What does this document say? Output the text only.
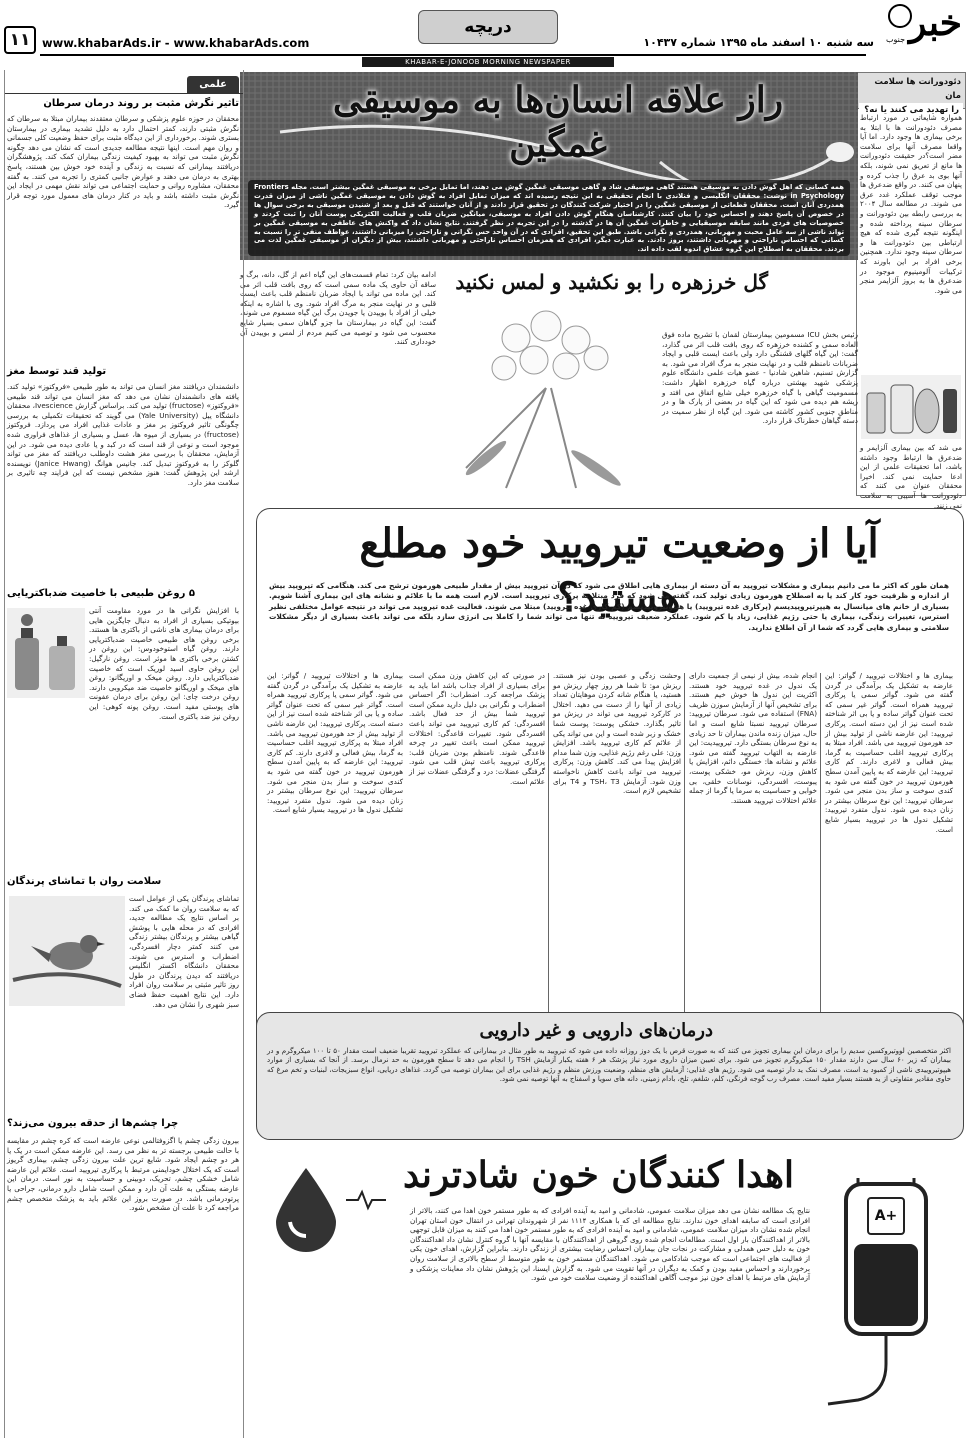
خبر
جنوب
سه شنبه ۱۰ اسفند ماه ۱۳۹۵ شماره ۱۰۴۳۷
دریچه
www.khabarAds.ir - www.khabarAds.com
۱۱
KHABAR-E-JONOOB MORNING NEWSPAPER
دئودورانت ها سلامت مان
را تهدید می کنند یا نه؟
همواره شایعاتی در مورد ارتباط مصرف دئودورانت ها با ابتلا به برخی بیماری ها وجود دارد. اما آیا واقعا مصرف آنها برای سلامت مضر است؟در حقیقت دئودورانت ها مانع از تعریق نمی شوند، بلکه آنها بوی بد عرق را جذب کرده و پنهان می کنند. در واقع ضدعرق ها موجب توقف عملکرد غدد عرق می شوند. در مطالعه سال ۲۰۰۴ به بررسی رابطه بین دئودورانت و سرطان سینه پرداخته شده و اینگونه نتیجه گیری شده که هیچ ارتباطی بین دئودورانت ها و سرطان سینه وجود ندارد. همچنین برخی افراد بر این باورند که ترکیبات آلومینیوم موجود در ضدعرق ها به بروز آلزایمر منجر می شود.
می شد که بین بیماری آلزایمر و ضدعرق ها ارتباط وجود داشته باشد، اما تحقیقات علمی از این ادعا حمایت نمی کند. اخیرا محققان عنوان می کنند که دئودورانت ها آسیبی به سلامت نمی زنند.
راز علاقه انسان‌ها به موسیقی غمگین
همه کسانی که اهل گوش دادن به موسیقی هستند گاهی موسیقی شاد و گاهی موسیقی غمگین گوش می دهند، اما تمایل برخی به موسیقی غمگین بیشتر است. مجله Frontiers in Psychology نوشت: محققان انگلیسی و فنلاندی با انجام تحقیقی به این نتیجه رسیده اند که میزان تمایل افراد به گوش دادن به موسیقی غمگین ناشی از میزان قدرت همدردی آنان است. محققان قطعاتی از موسیقی غمگین را در اختیار شرکت کنندگان در تحقیق قرار دادند و از آنان خواستند که قبل و بعد از شنیدن موسیقی به برخی سوال ها در خصوص آن پاسخ دهند و احساس خود را بیان کنند. کارشناسان هنگام گوش دادن افراد به موسیقی، میانگین ضربان قلب و فعالیت الکتریکی پوست آنان را ثبت کردند و خصوصیات های فردی مانند سابقه موسیقیایی و خاطرات غمگین آن ها در گذشته را در این تجربه در نظر گرفتند. نتایج نشان داد که واکنش های عاطفی به موسیقی غمگین بر تواند ناشی از سه عامل محبت و مهربانی، همدردی و نگرانی باشد. طبق این تحقیق، افرادی که در آن واحد حس نگرانی و ناراحتی را میزبانی داشتند، عواطف منفی تر را نسبت به کسانی که احساس ناراحتی و مهربانی داشتند، بروز دادند. به عبارت دیگر، افرادی که همزمان احساس ناراحتی و مهربانی داشتند، بیش از دیگران از موسیقی غمگین لذت می بردند. محققان به اصطلاح این گروه عشاق اندوه لقب داده اند.
گل خرزهره را بو نکشید و لمس نکنید
رئیس بخش ICU مسمومین بیمارستان لقمان با تشریح ماده فوق العاده سمی و کشنده خرزهره که روی بافت قلب اثر می گذارد، گفت: این گیاه گلهای قشنگی دارد ولی باعث ایست قلبی و ایجاد ضربانات نامنظم قلب و در نهایت منجر به مرگ افراد می شود. به گزارش تسنیم، شاهین شادنیا - عضو هیات علمی دانشگاه علوم پزشکی شهید بهشتی درباره گیاه خرزهره اظهار داشت: مسمومیت گیاهی با گیاه خرزهره خیلی شایع اتفاق می افتد و ریشه هم دیده می شود که این گیاه در بعضی از پارک ها و در مناطق جنوبی کشور کاشته می شود. این گیاه از نظر سمیت در دسته گیاهان خطرناک قرار دارد.
ادامه بیان کرد: تمام قسمت‌های این گیاه اعم از گل، دانه، برگ و ساقه آن حاوی یک ماده سمی است که روی بافت قلب اثر می کند. این ماده می تواند با ایجاد ضربان نامنظم قلب باعث ایست قلبی و در نهایت منجر به مرگ افراد شود. وی با اشاره به اینکه خیلی از افراد با بوییدن یا جویدن برگ این گیاه مسموم می شوند، گفت: این گیاه در بیمارستان ما جزو گیاهان سمی بسیار شایع محسوب می شود و توصیه می کنیم مردم از لمس و بوییدن آن خودداری کنند.
آیا از وضعیت تیرویید خود مطلع هستید؟
همان طور که اکثر ما می دانیم بیماری و مشکلات تیرویید به آن دسته از بیماری هایی اطلاق می شود که در آن تیرویید بیش از مقدار طبیعی هورمون ترشح می کند. هنگامی که تیرویید بیش از اندازه و ظرفیت خود کار کند یا به اصطلاح هورمون زیادی تولید کند، گفته می شود که فرد مبتلا به پرکاری تیرویید است. لازم است همه ما با علائم و نشانه های این بیماری آشنا شویم. بسیاری از خانم های میانسال به هیپرتیروییدیسم (پرکاری غده تیرویید) یا هیپوتیروییدیسم (کم کاری غده تیرویید) مبتلا می شوند. فعالیت غده تیرویید می تواند در نتیجه عوامل مختلفی نظیر استرس، تغییرات زندگی، بیماری یا حتی رژیم غذایی، زیاد یا کم شود. عملکرد ضعیف تیرویید نه تنها می تواند شما را کاملا بی انرژی سازد بلکه می تواند باعث بسیاری از دیگر مشکلات سلامتی و بیماری هایی گردد که شما از آن اطلاع ندارید.
بیماری ها و اختلالات تیرویید / گواتر: این عارضه به تشکیل یک برآمدگی در گردن گفته می شود. گواتر سمی یا پرکاری تیرویید همراه است. گواتر غیر سمی که تحت عنوان گواتر ساده و یا بی اثر شناخته شده است نیز از این دسته است. پرکاری تیرویید: این عارضه ناشی از تولید بیش از حد هورمون تیرویید می باشد. افراد مبتلا به پرکاری تیرویید اغلب حساسیت به گرما، بیش فعالی و لاغری دارند. کم کاری تیرویید: این عارضه که به پایین آمدن سطح هورمون تیرویید در خون گفته می شود به کندی سوخت و ساز بدن منجر می شود. سرطان تیرویید: این نوع سرطان بیشتر در زنان دیده می شود. ندول متفرد تیرویید: تشکیل ندول ها در تیرویید بسیار شایع است.
انجام شده، بیش از نیمی از جمعیت دارای یک ندول در غده تیرویید خود هستند. اکثریت این ندول ها خوش خیم هستند. برای تشخیص آنها از آزمایش سوزن ظریف (FNA) استفاده می شود. سرطان تیرویید: سرطان تیرویید نسبتا شایع است و اما حال، میزان زنده ماندن بیماران تا حد زیادی به نوع سرطان بستگی دارد. تیروییدیت: این عارضه به التهاب تیرویید گفته می شود. علائم و نشانه ها: خستگی دائم، افزایش یا کاهش وزن، ریزش مو، خشکی پوست، یبوست، افسردگی، نوسانات خلقی، بی خوابی و حساسیت به سرما یا گرما از جمله علائم اختلالات تیرویید هستند.
وحشت زدگی و عصبی بودن نیز هستند. ریزش مو: تا شما هر روز چهار ریزش مو هستید، یا هنگام شانه کردن موهایتان تعداد زیادی از آنها را از دست می دهید. اختلال در کارکرد تیرویید می تواند در ریزش مو تاثیر بگذارد. خشکی پوست: پوست شما خشک و زبر شده است و این می تواند یکی از علائم کم کاری تیرویید باشد. افزایش وزن: علی رغم رژیم غذایی، وزن شما مدام افزایش پیدا می کند. کاهش وزن: پرکاری تیرویید می تواند باعث کاهش ناخواسته وزن شود. آزمایش TSH، T3 و T4 برای تشخیص لازم است.
در صورتی که این کاهش وزن ممکن است برای بسیاری از افراد جذاب باشد اما باید به پزشک مراجعه کرد. اضطراب: اگر احساس اضطراب و نگرانی بی دلیل دارید ممکن است تیرویید شما بیش از حد فعال باشد. افسردگی: کم کاری تیرویید می تواند باعث افسردگی شود. تغییرات قاعدگی: اختلالات تیرویید ممکن است باعث تغییر در چرخه قاعدگی شوند. نامنظم بودن ضربان قلب: پرکاری تیرویید باعث تپش قلب می شود. گرفتگی عضلات: درد و گرفتگی عضلات نیز از علائم است.
بیماری ها و اختلالات تیرویید / گواتر: این عارضه به تشکیل یک برآمدگی در گردن گفته می شود. گواتر سمی یا پرکاری تیرویید همراه است. گواتر غیر سمی که تحت عنوان گواتر ساده و یا بی اثر شناخته شده است نیز از این دسته است. پرکاری تیرویید: این عارضه ناشی از تولید بیش از حد هورمون تیرویید می باشد. افراد مبتلا به پرکاری تیرویید اغلب حساسیت به گرما، بیش فعالی و لاغری دارند. کم کاری تیرویید: این عارضه که به پایین آمدن سطح هورمون تیرویید در خون گفته می شود به کندی سوخت و ساز بدن منجر می شود. سرطان تیرویید: این نوع سرطان بیشتر در زنان دیده می شود. ندول متفرد تیرویید: تشکیل ندول ها در تیرویید بسیار شایع است.
درمان‌های دارویی و غیر دارویی
اکثر متخصصین لووتیروکسین سدیم را برای درمان این بیماری تجویز می کنند که به صورت قرص با یک دوز روزانه داده می شود که تیرویید به طور مثال در بیمارانی که عملکرد تیرویید تقریبا ضعیف است مقدار ۵۰ تا ۱۰۰ میکروگرم و در بیماران که زیر ۶۰ سال سن دارند مقدار ۱۵۰ میکروگرم تجویز می شود. برای تعیین میزان داروی مورد نیاز پزشک هر ۶ هفته یکبار آزمایش TSH را انجام می دهد تا سطح هورمون به حد نرمال برسد. از آنجا که بسیاری از موارد هیپوتیروییدی ناشی از کمبود ید است، مصرف نمک ید دار توصیه می شود. رژیم های غذایی: آزمایش های منظم، وضعیت ورزش منظم و رژیم غذایی برای این بیماران توصیه می گردد. غذاهای دریایی، انواع سبزیجات، لبنیات و تخم مرغ که حاوی مقادیر متفاوتی از ید هستند بسیار مفید است. مصرف رب گوجه فرنگی، کلم، شلغم، تلخ، بادام زمینی، دانه های سویا و اسفناج به آنها توصیه نمی شود.
اهدا کنندگان خون شادترند
نتایج یک مطالعه نشان می دهد میزان سلامت عمومی، شادمانی و امید به آینده افرادی که به طور مستمر خون اهدا می کنند، بالاتر از افرادی است که سابقه اهدای خون ندارند. نتایج مطالعه ای که با همکاری ۱۱۱۴ نفر از شهروندان تهرانی در انتقال خون استان تهران انجام شده نشان داد میزان سلامت عمومی، شادمانی و امید به آینده افرادی که به طور مستمر خون اهدا می کنند به میزان قابل توجهی بالاتر از اهداکنندگان بار اول است. مطالعات انجام شده روی گروهی از اهداکنندگان با مقایسه آنها با گروه کنترل نشان داد اهداکنندگان خون به دلیل حس همدلی و مشارکت در نجات جان بیماران احساس رضایت بیشتری از زندگی دارند. بنابراین گزارش، اهدای خون یکی از فعالیت های اجتماعی است که موجب شادکامی می شود. اهداکنندگان مستمر خون به طور متوسط از سطح بالاتری از سلامت روان برخوردارند و احساس مفید بودن و کمک به دیگران در آنها تقویت می شود. به گزارش ایسنا، این پژوهش نشان داد معاینات پزشکی و آزمایش های مرتبط با اهدای خون نیز موجب آگاهی اهداکننده از وضعیت سلامت خود می شود.
A+
علمی
تاثیر نگرش مثبت بر روند درمان سرطان
محققان در حوزه علوم پزشکی و سرطان معتقدند بیماران مبتلا به سرطان که نگرش مثبتی دارند، کمتر احتمال دارد به دلیل تشدید بیماری در بیمارستان بستری شوند. برخورداری از این دیدگاه مثبت برای حفظ وضعیت کلی جسمانی و روان مهم است. اینها نتیجه مطالعه جدیدی است که نشان می دهد چگونه نگرش مثبت می تواند به بهبود کیفیت زندگی بیماران کمک کند. پژوهشگران دریافتند بیمارانی که نسبت به زندگی و آینده خود خوش بین هستند، پاسخ بهتری به درمان می دهند و عوارض جانبی کمتری را تجربه می کنند. به گفته محققان، مشاوره روانی و حمایت اجتماعی می تواند نقش مهمی در ایجاد این نگرش مثبت داشته باشد و باید در کنار درمان های معمول مورد توجه قرار گیرد.
تولید قند توسط مغز
دانشمندان دریافتند مغز انسان می تواند به طور طبیعی «فروکتوز» تولید کند. یافته های دانشمندان نشان می دهد که مغز انسان می تواند قند طبیعی «فروکتوز» (fructose) تولید می کند. براساس گزارش Ivescience، محققان دانشگاه ییل (Yale University) می گویند که تحقیقات تکمیلی به بررسی چگونگی تاثیر فروکتوز بر مغز و عادات غذایی افراد می پردازد. فروکتوز (fructose) در بسیاری از میوه ها، عسل و بسیاری از غذاهای فراوری شده موجود است و نوعی از قند است که در کبد و یا عادی دیده می شود. در این آزمایش، محققان با بررسی مغز هشت داوطلب دریافتند که مغز می تواند گلوکز را به فروکتوز تبدیل کند. جانیس هوانگ (Janice Hwang) نویسنده ارشد این پژوهش گفت: هنوز مشخص نیست که این فرایند چه تاثیری بر سلامت مغز دارد.
۵ روغن طبیعی با خاصیت ضدباکتریایی
با افزایش نگرانی ها در مورد مقاومت آنتی بیوتیکی بسیاری از افراد به دنبال جایگزین هایی برای درمان بیماری های ناشی از باکتری ها هستند. برخی روغن های طبیعی خاصیت ضدباکتریایی دارند. روغن گیاه استوخودوس: این روغن در کشتن برخی باکتری ها موثر است. روغن نارگیل: این روغن حاوی اسید لوریک است که خاصیت ضدباکتریایی دارد. روغن میخک و اوریگانو: روغن های میخک و اوریگانو خاصیت ضد میکروبی دارند. روغن درخت چای: این روغن برای درمان عفونت های پوستی مفید است. روغن پونه کوهی: این روغن نیز ضد باکتری است.
سلامت روان با تماشای پرندگان
تماشای پرندگان یکی از عوامل است که به سلامت روان ما کمک می کند. بر اساس نتایج یک مطالعه جدید، افرادی که در محله هایی با پوشش گیاهی بیشتر و پرندگان بیشتر زندگی می کنند کمتر دچار افسردگی، اضطراب و استرس می شوند. محققان دانشگاه اکستر انگلیس دریافتند که دیدن پرندگان در طول روز تاثیر مثبتی بر سلامت روان افراد دارد. این نتایج اهمیت حفظ فضای سبز شهری را نشان می دهد.
چرا چشم‌ها از حدقه بیرون می‌زند؟
بیرون زدگی چشم یا اگزوفتالمی نوعی عارضه است که کره چشم در مقایسه با حالت طبیعی برجسته تر به نظر می رسد. این عارضه ممکن است در یک یا هر دو چشم ایجاد شود. شایع ترین علت بیرون زدگی چشم، بیماری گریوز است که یک اختلال خودایمنی مرتبط با پرکاری تیرویید است. علائم این عارضه شامل خشکی چشم، تحریک، دوبینی و حساسیت به نور است. درمان این عارضه بستگی به علت آن دارد و ممکن است شامل دارو درمانی، جراحی یا پرتودرمانی باشد. در صورت بروز این علائم باید به پزشک متخصص چشم مراجعه کرد تا علت آن مشخص شود.
